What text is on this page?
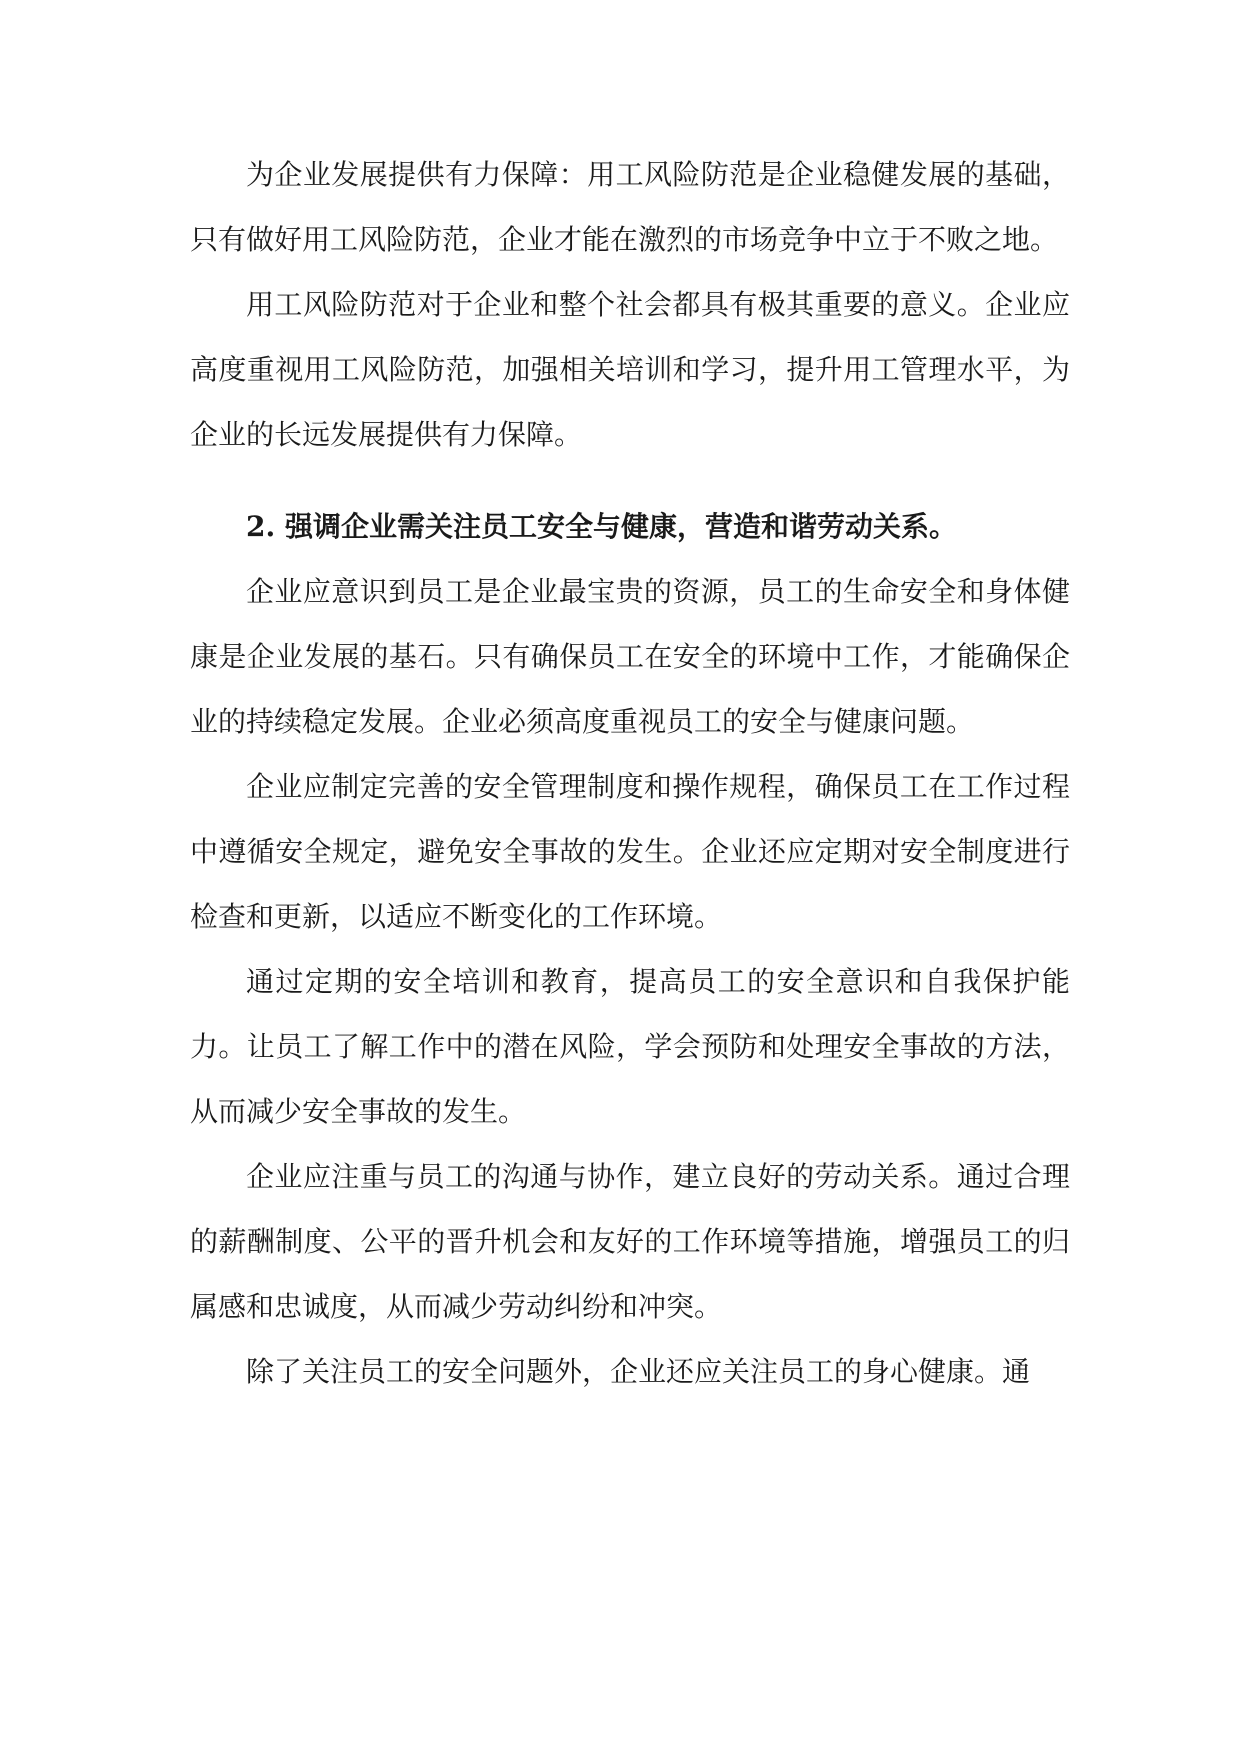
为企业发展提供有力保障：用工风险防范是企业稳健发展的基础，只有做好用工风险防范，企业才能在激烈的市场竞争中立于不败之地。

用工风险防范对于企业和整个社会都具有极其重要的意义。企业应高度重视用工风险防范，加强相关培训和学习，提升用工管理水平，为企业的长远发展提供有力保障。

2. 强调企业需关注员工安全与健康，营造和谐劳动关系。

企业应意识到员工是企业最宝贵的资源，员工的生命安全和身体健康是企业发展的基石。只有确保员工在安全的环境中工作，才能确保企业的持续稳定发展。企业必须高度重视员工的安全与健康问题。

企业应制定完善的安全管理制度和操作规程，确保员工在工作过程中遵循安全规定，避免安全事故的发生。企业还应定期对安全制度进行检查和更新，以适应不断变化的工作环境。

通过定期的安全培训和教育，提高员工的安全意识和自我保护能力。让员工了解工作中的潜在风险，学会预防和处理安全事故的方法，从而减少安全事故的发生。

企业应注重与员工的沟通与协作，建立良好的劳动关系。通过合理的薪酬制度、公平的晋升机会和友好的工作环境等措施，增强员工的归属感和忠诚度，从而减少劳动纠纷和冲突。

除了关注员工的安全问题外，企业还应关注员工的身心健康。通
